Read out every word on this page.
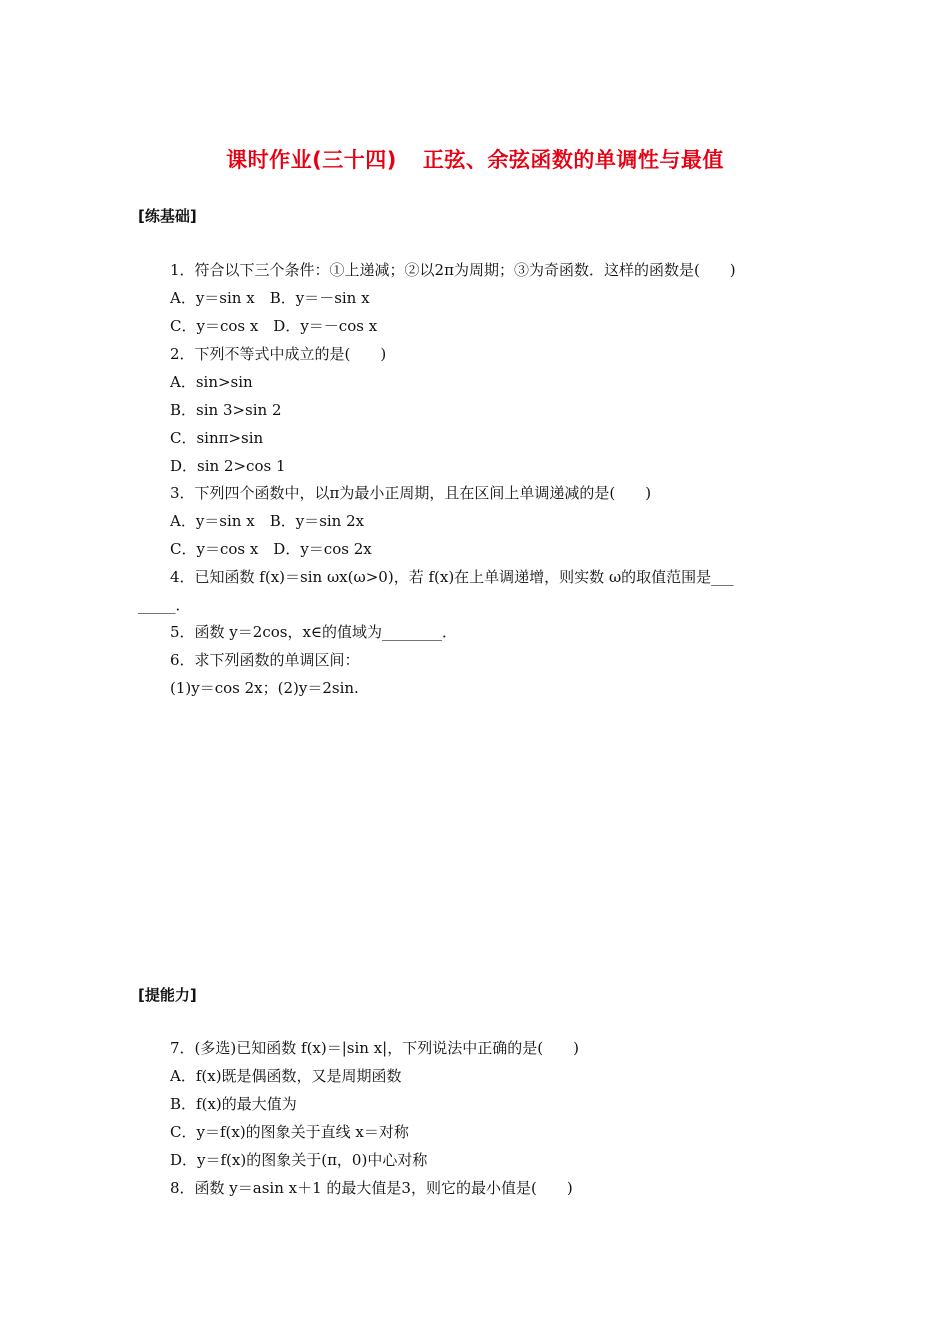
课时作业(三十四) 正弦、余弦函数的单调性与最值
[练基础]
1．符合以下三个条件：①上递减；②以2π为周期；③为奇函数．这样的函数是(　　)
A．y＝sin x　B．y＝－sin x
C．y＝cos x　D．y＝－cos x
2．下列不等式中成立的是(　　)
A．sin>sin
B．sin 3>sin 2
C．sinπ>sin
D．sin 2>cos 1
3．下列四个函数中，以π为最小正周期，且在区间上单调递减的是(　　)
A．y＝sin x　B．y＝sin 2x
C．y＝cos x　D．y＝cos 2x
4．已知函数 f(x)＝sin ωx(ω>0)，若 f(x)在上单调递增，则实数 ω的取值范围是___
_____．
5．函数 y＝2cos，x∈的值域为________．
6．求下列函数的单调区间：
(1)y＝cos 2x；(2)y＝2sin.
[提能力]
7．(多选)已知函数 f(x)＝|sin x|，下列说法中正确的是(　　)
A．f(x)既是偶函数，又是周期函数
B．f(x)的最大值为
C．y＝f(x)的图象关于直线 x＝对称
D．y＝f(x)的图象关于(π，0)中心对称
8．函数 y＝asin x＋1 的最大值是3，则它的最小值是(　　)
